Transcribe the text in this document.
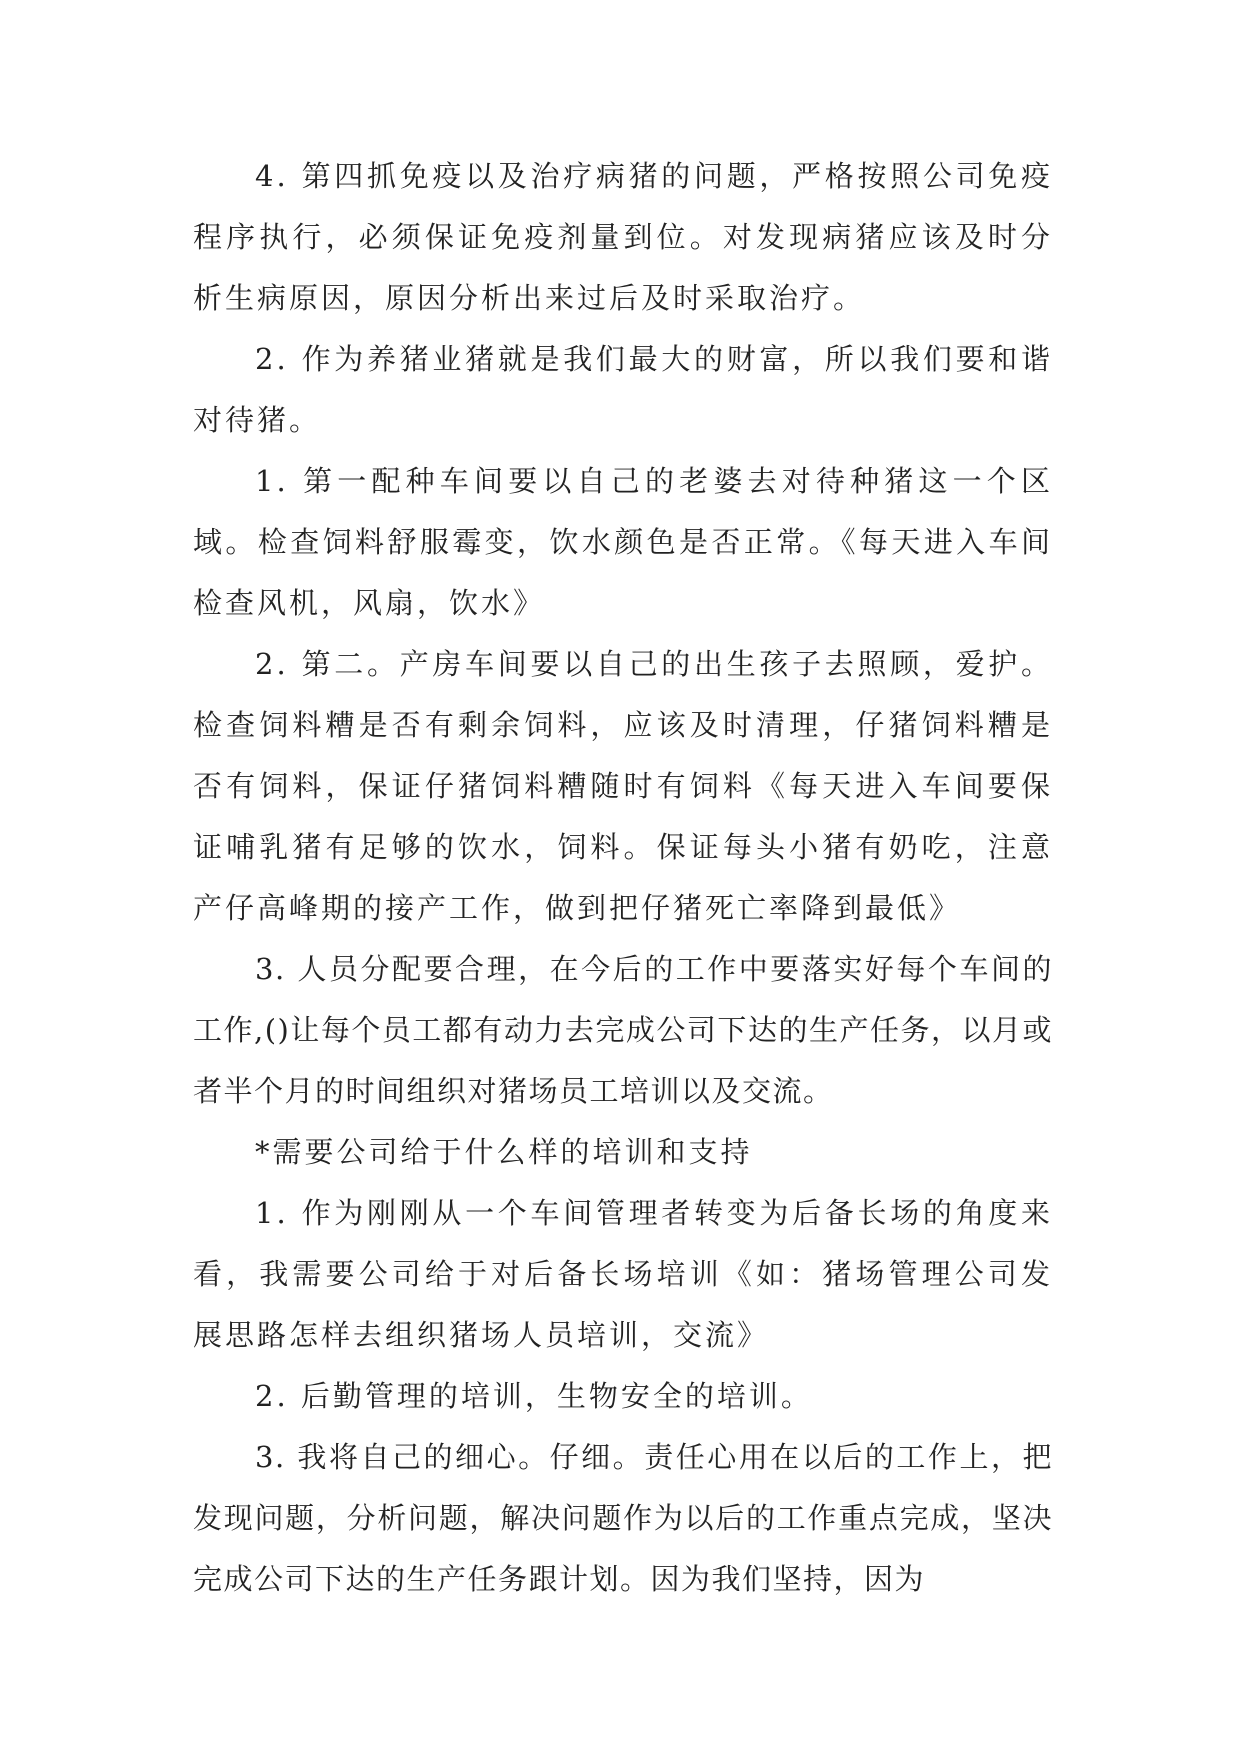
4. 第四抓免疫以及治疗病猪的问题，严格按照公司免疫程序执行，必须保证免疫剂量到位。对发现病猪应该及时分析生病原因，原因分析出来过后及时采取治疗。

2. 作为养猪业猪就是我们最大的财富，所以我们要和谐对待猪。

1. 第一配种车间要以自己的老婆去对待种猪这一个区域。检查饲料舒服霉变，饮水颜色是否正常。《每天进入车间检查风机，风扇，饮水》

2. 第二。产房车间要以自己的出生孩子去照顾，爱护。检查饲料糟是否有剩余饲料，应该及时清理，仔猪饲料糟是否有饲料，保证仔猪饲料糟随时有饲料《每天进入车间要保证哺乳猪有足够的饮水，饲料。保证每头小猪有奶吃，注意产仔高峰期的接产工作，做到把仔猪死亡率降到最低》

3. 人员分配要合理，在今后的工作中要落实好每个车间的工作,()让每个员工都有动力去完成公司下达的生产任务，以月或者半个月的时间组织对猪场员工培训以及交流。

*需要公司给于什么样的培训和支持

1. 作为刚刚从一个车间管理者转变为后备长场的角度来看，我需要公司给于对后备长场培训《如：猪场管理公司发展思路怎样去组织猪场人员培训，交流》

2. 后勤管理的培训，生物安全的培训。

3. 我将自己的细心。仔细。责任心用在以后的工作上，把发现问题，分析问题，解决问题作为以后的工作重点完成，坚决完成公司下达的生产任务跟计划。因为我们坚持，因为
